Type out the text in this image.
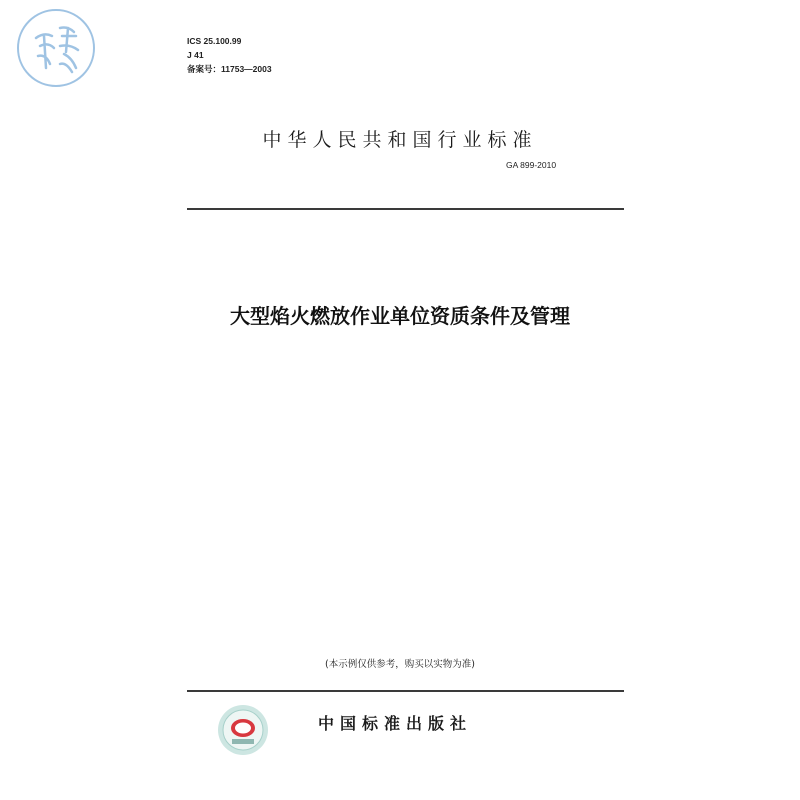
ICS 25.100.99
J 41
备案号：11753—2003
中华人民共和国行业标准
GA 899-2010
大型焰火燃放作业单位资质条件及管理
(本示例仅供参考，购买以实物为准)
中国标准出版社
